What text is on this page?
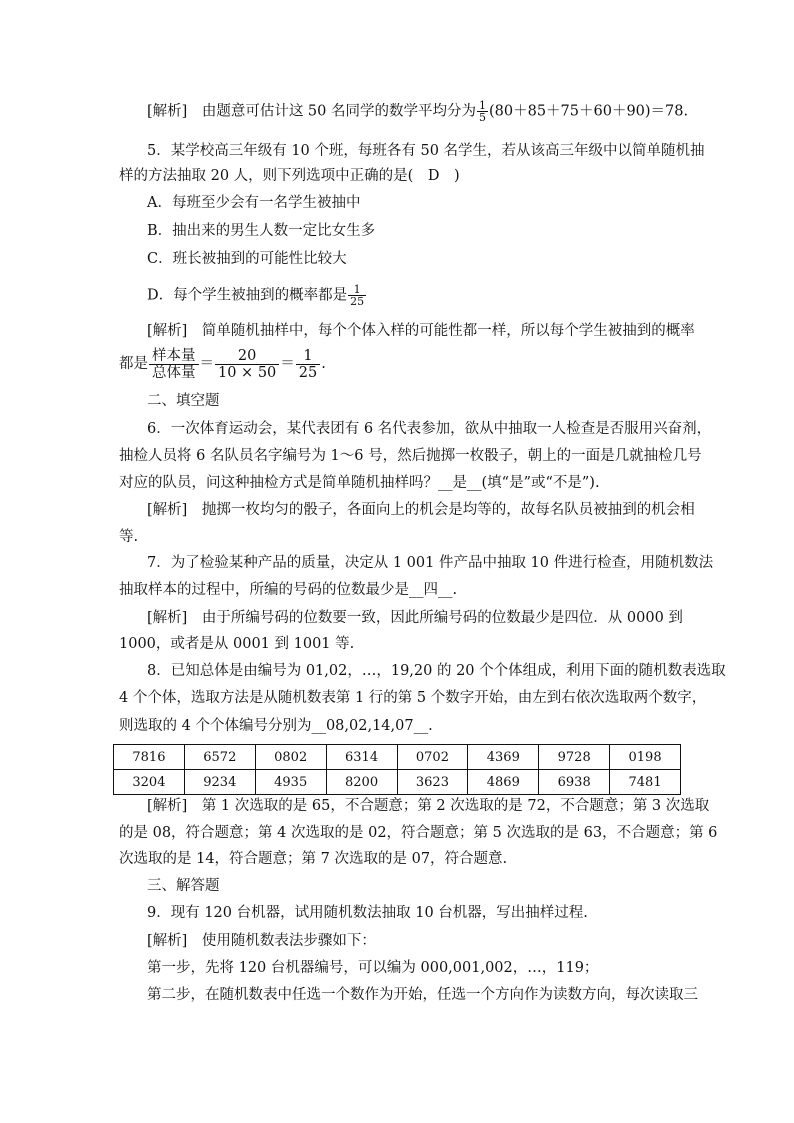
[解析]　由题意可估计这 50 名同学的数学平均分为 $\frac{1}{5} (80+85+75+60+90)=78$.
5．某学校高三年级有 10 个班，每班各有 50 名学生，若从该高三年级中以简单随机抽
样的方法抽取 20 人，则下列选项中正确的是(　D　)
A．每班至少会有一名学生被抽中
B．抽出来的男生人数一定比女生多
C．班长被抽到的可能性比较大
D．每个学生被抽到的概率都是 $\frac{1}{25}$
[解析]　简单随机抽样中，每个个体入样的可能性都一样，所以每个学生被抽到的概率
都是 $\frac{\text{样本量}}{\text{总体量}} = \frac{20}{10 \times 50} = \frac{1}{25}$ .
二、填空题
6．一次体育运动会，某代表团有 6 名代表参加，欲从中抽取一人检查是否服用兴奋剂，
抽检人员将 6 名队员名字编号为 1～6 号，然后抛掷一枚骰子，朝上的一面是几就抽检几号
对应的队员，问这种抽检方式是简单随机抽样吗？__是__(填“是”或“不是”).
[解析]　抛掷一枚均匀的骰子，各面向上的机会是均等的，故每名队员被抽到的机会相
等.
7．为了检验某种产品的质量，决定从 1 001 件产品中抽取 10 件进行检查，用随机数法
抽取样本的过程中，所编的号码的位数最少是__四__.
[解析]　由于所编号码的位数要一致，因此所编号码的位数最少是四位．从 0000 到
1000，或者是从 0001 到 1001 等.
8．已知总体是由编号为 01,02，…，19,20 的 20 个个体组成，利用下面的随机数表选取
4 个个体，选取方法是从随机数表第 1 行的第 5 个数字开始，由左到右依次选取两个数字，
则选取的 4 个个体编号分别为__08,02,14,07__.
7816	6572	0802	6314	0702	4369	9728	0198
3204	9234	4935	8200	3623	4869	6938	7481
[解析]　第 1 次选取的是 65，不合题意；第 2 次选取的是 72，不合题意；第 3 次选取
的是 08，符合题意；第 4 次选取的是 02，符合题意；第 5 次选取的是 63，不合题意；第 6
次选取的是 14，符合题意；第 7 次选取的是 07，符合题意.
三、解答题
9．现有 120 台机器，试用随机数法抽取 10 台机器，写出抽样过程.
[解析]　使用随机数表法步骤如下：
第一步，先将 120 台机器编号，可以编为 000,001,002，…，119；
第二步，在随机数表中任选一个数作为开始，任选一个方向作为读数方向，每次读取三
